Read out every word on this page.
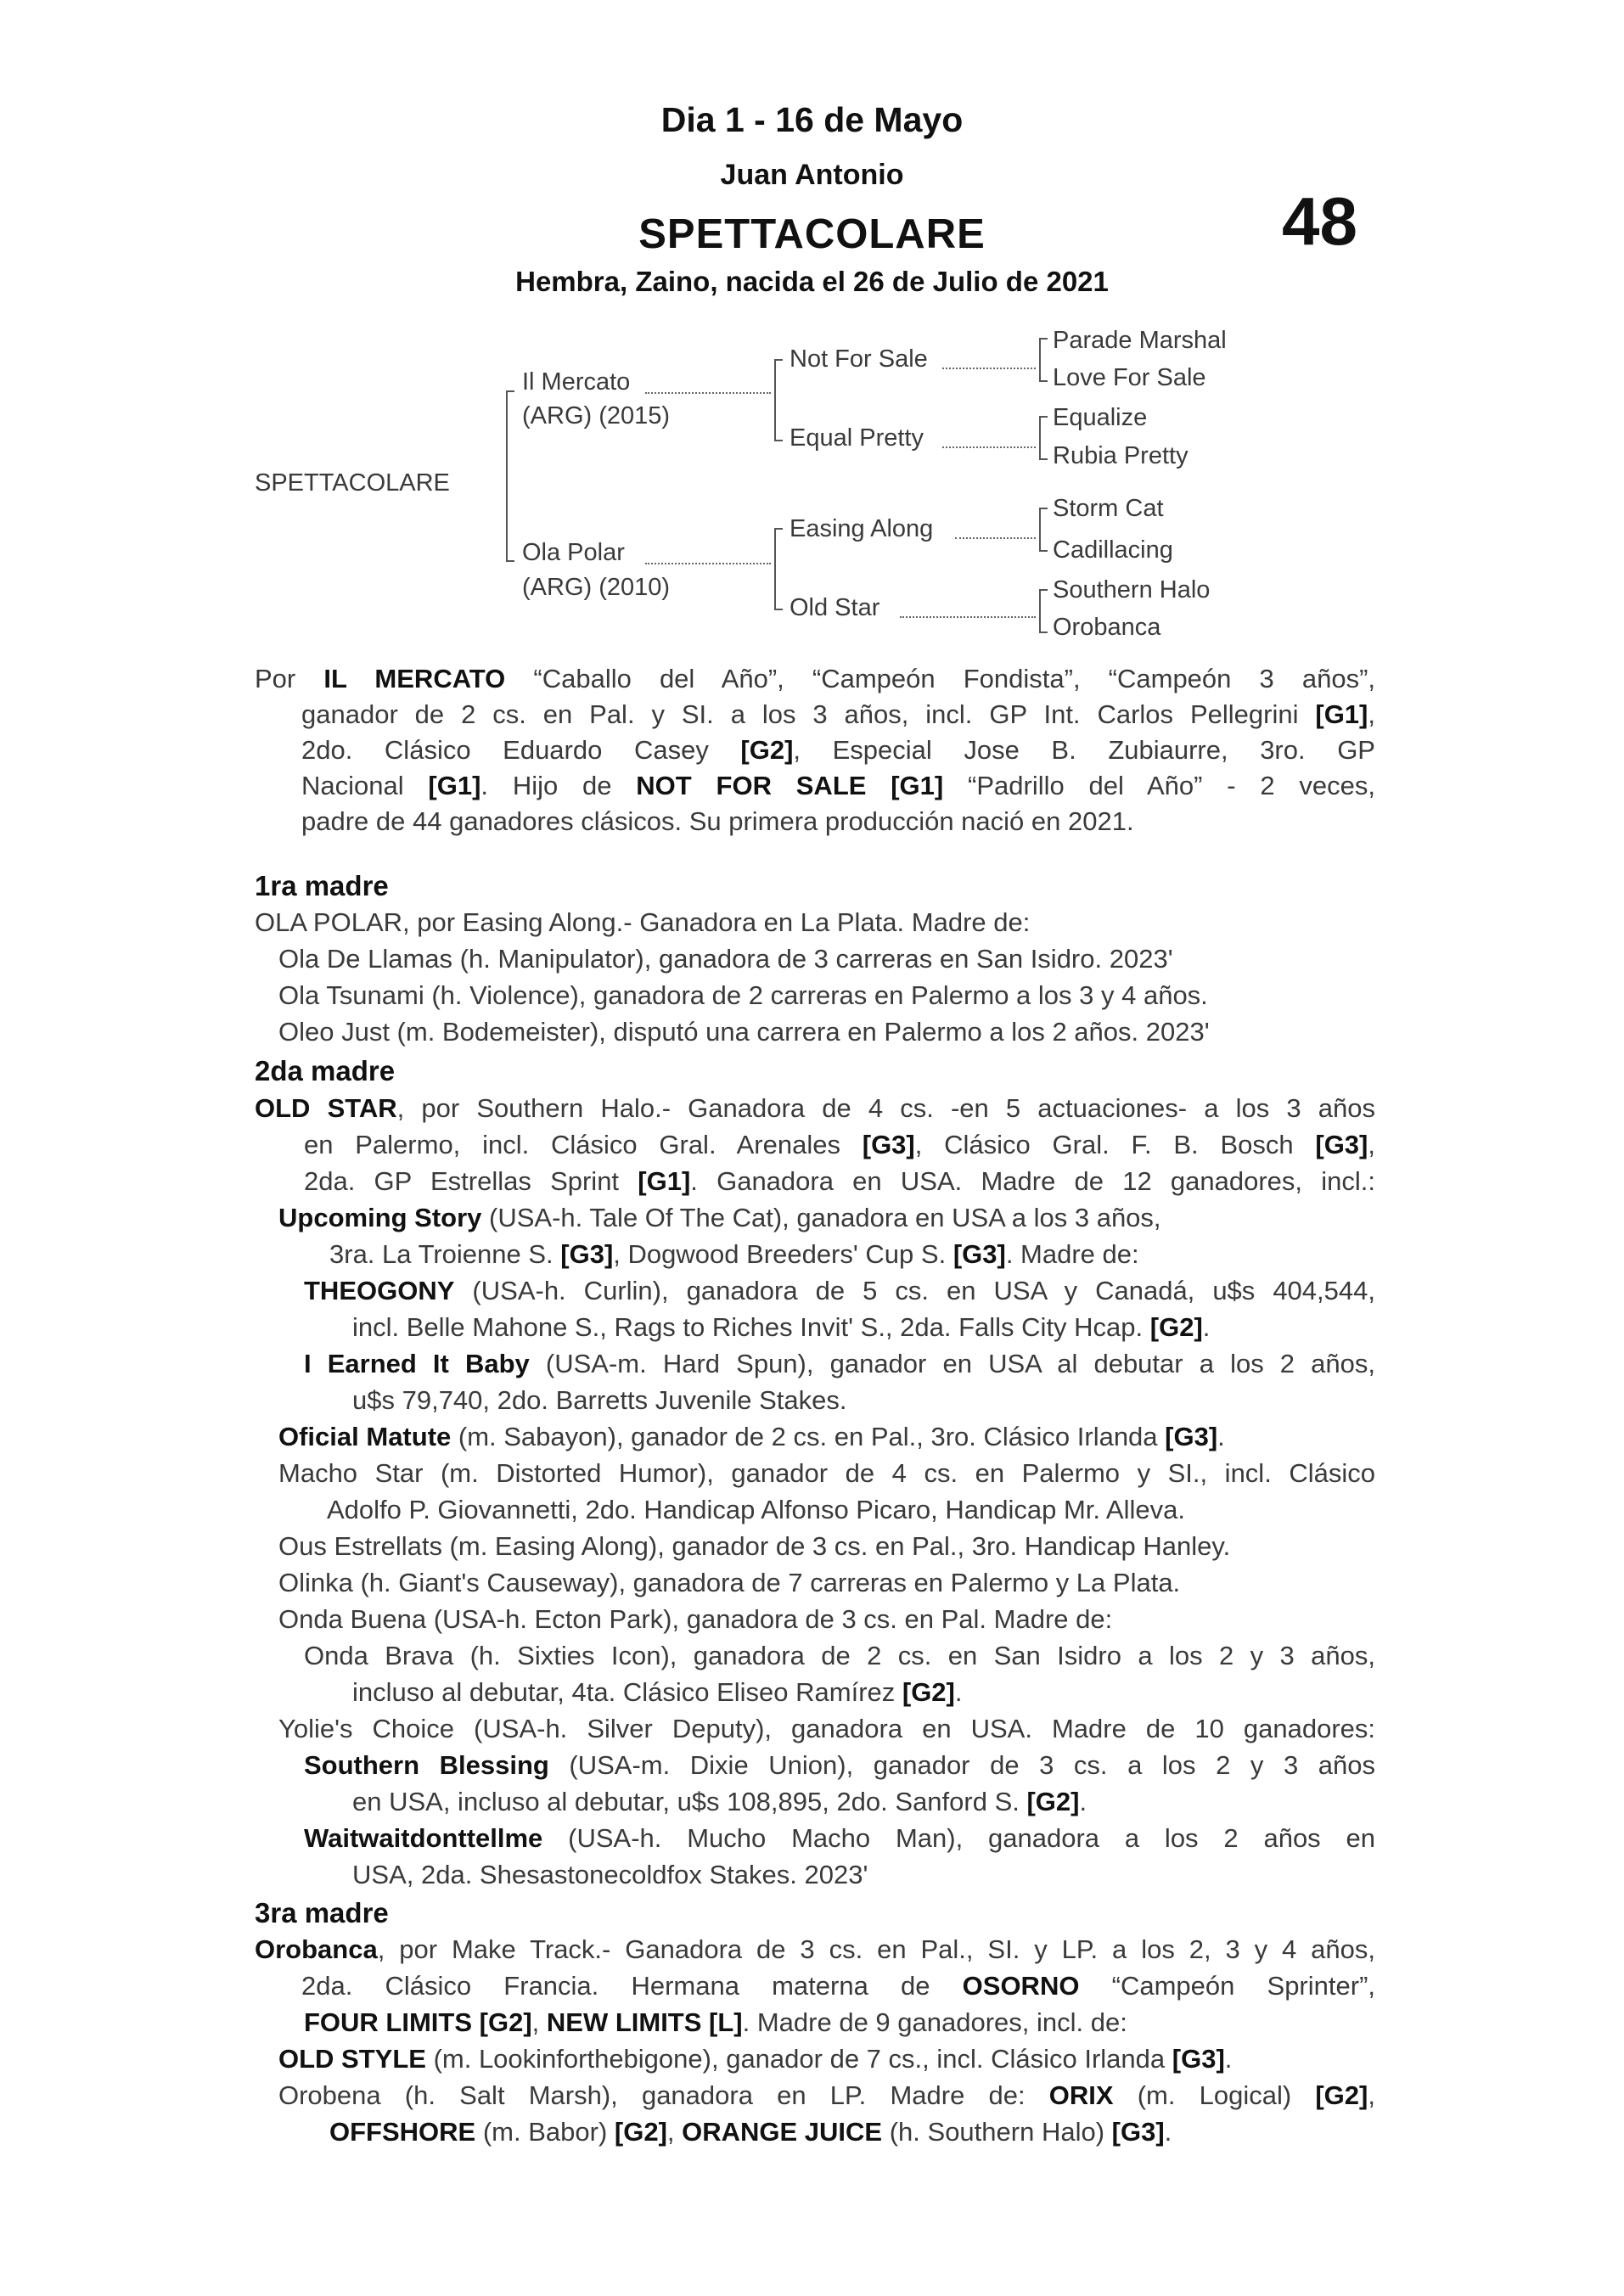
Dia 1 - 16 de Mayo
Juan Antonio
SPETTACOLARE	48
Hembra, Zaino, nacida el 26 de Julio de 2021
SPETTACOLARE
Il Mercato
(ARG) (2015)
Ola Polar
(ARG) (2010)
Not For Sale
Equal Pretty
Easing Along
Old Star
Parade Marshal
Love For Sale
Equalize
Rubia Pretty
Storm Cat
Cadillacing
Southern Halo
Orobanca
Por IL MERCATO “Caballo del Año”, “Campeón Fondista”, “Campeón 3 años”,
ganador de 2 cs. en Pal. y SI. a los 3 años, incl. GP Int. Carlos Pellegrini [G1],
2do. Clásico Eduardo Casey [G2], Especial Jose B. Zubiaurre, 3ro. GP
Nacional [G1]. Hijo de NOT FOR SALE [G1] “Padrillo del Año” - 2 veces,
padre de 44 ganadores clásicos. Su primera producción nació en 2021.
1ra madre
OLA POLAR, por Easing Along.- Ganadora en La Plata. Madre de:
Ola De Llamas (h. Manipulator), ganadora de 3 carreras en San Isidro. 2023'
Ola Tsunami (h. Violence), ganadora de 2 carreras en Palermo a los 3 y 4 años.
Oleo Just (m. Bodemeister), disputó una carrera en Palermo a los 2 años. 2023'
2da madre
OLD STAR, por Southern Halo.- Ganadora de 4 cs. -en 5 actuaciones- a los 3 años
en Palermo, incl. Clásico Gral. Arenales [G3], Clásico Gral. F. B. Bosch [G3],
2da. GP Estrellas Sprint [G1]. Ganadora en USA. Madre de 12 ganadores, incl.:
Upcoming Story (USA-h. Tale Of The Cat), ganadora en USA a los 3 años,
3ra. La Troienne S. [G3], Dogwood Breeders' Cup S. [G3]. Madre de:
THEOGONY (USA-h. Curlin), ganadora de 5 cs. en USA y Canadá, u$s 404,544,
incl. Belle Mahone S., Rags to Riches Invit' S., 2da. Falls City Hcap. [G2].
I Earned It Baby (USA-m. Hard Spun), ganador en USA al debutar a los 2 años,
u$s 79,740, 2do. Barretts Juvenile Stakes.
Oficial Matute (m. Sabayon), ganador de 2 cs. en Pal., 3ro. Clásico Irlanda [G3].
Macho Star (m. Distorted Humor), ganador de 4 cs. en Palermo y SI., incl. Clásico
Adolfo P. Giovannetti, 2do. Handicap Alfonso Picaro, Handicap Mr. Alleva.
Ous Estrellats (m. Easing Along), ganador de 3 cs. en Pal., 3ro. Handicap Hanley.
Olinka (h. Giant's Causeway), ganadora de 7 carreras en Palermo y La Plata.
Onda Buena (USA-h. Ecton Park), ganadora de 3 cs. en Pal. Madre de:
Onda Brava (h. Sixties Icon), ganadora de 2 cs. en San Isidro a los 2 y 3 años,
incluso al debutar, 4ta. Clásico Eliseo Ramírez [G2].
Yolie's Choice (USA-h. Silver Deputy), ganadora en USA. Madre de 10 ganadores:
Southern Blessing (USA-m. Dixie Union), ganador de 3 cs. a los 2 y 3 años
en USA, incluso al debutar, u$s 108,895, 2do. Sanford S. [G2].
Waitwaitdonttellme (USA-h. Mucho Macho Man), ganadora a los 2 años en
USA, 2da. Shesastonecoldfox Stakes. 2023'
3ra madre
Orobanca, por Make Track.- Ganadora de 3 cs. en Pal., SI. y LP. a los 2, 3 y 4 años,
2da. Clásico Francia. Hermana materna de OSORNO “Campeón Sprinter”,
FOUR LIMITS [G2], NEW LIMITS [L]. Madre de 9 ganadores, incl. de:
OLD STYLE (m. Lookinforthebigone), ganador de 7 cs., incl. Clásico Irlanda [G3].
Orobena (h. Salt Marsh), ganadora en LP. Madre de: ORIX (m. Logical) [G2],
OFFSHORE (m. Babor) [G2], ORANGE JUICE (h. Southern Halo) [G3].
